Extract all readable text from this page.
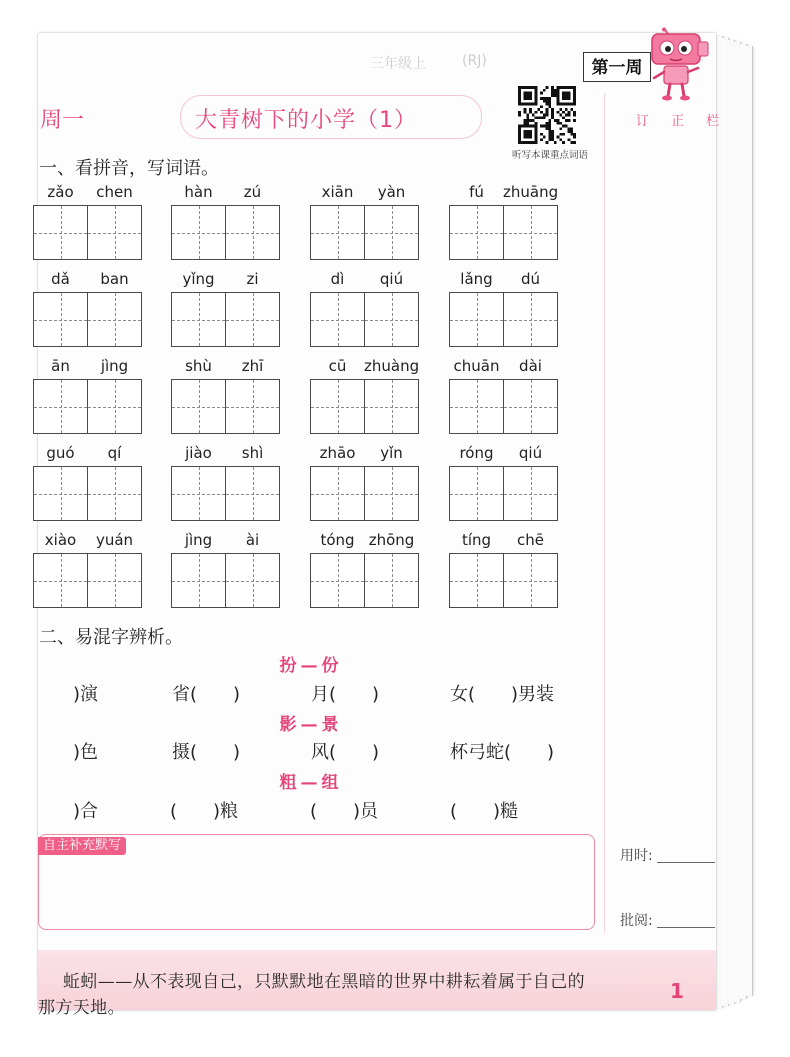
三年级上	(RJ)	第一周
周一	大青树下的小学（1）
听写本课重点词语
订 正 栏
一、看拼音，写词语。
zǎo	chen	hàn	zú	xiān	yàn	fú	zhuāng
dǎ	ban	yǐng	zi	dì	qiú	lǎng	dú
ān	jìng	shù	zhī	cū	zhuàng	chuān	dài
guó	qí	jiào	shì	zhāo	yǐn	róng	qiú
xiào	yuán	jìng	ài	tóng zhōng	tíng	chē
二、易混字辨析。
扮—份
)演	省(　　)	月(　　)	女(　　)男装
影—景
)色	摄(　　)	风(　　)	杯弓蛇(　　)
粗—组
)合	(　　)粮	(　　)员	(　　)糙
自主补充默写
用时:
批阅:
蚯蚓——从不表现自己，只默默地在黑暗的世界中耕耘着属于自己的
那方天地。
1
